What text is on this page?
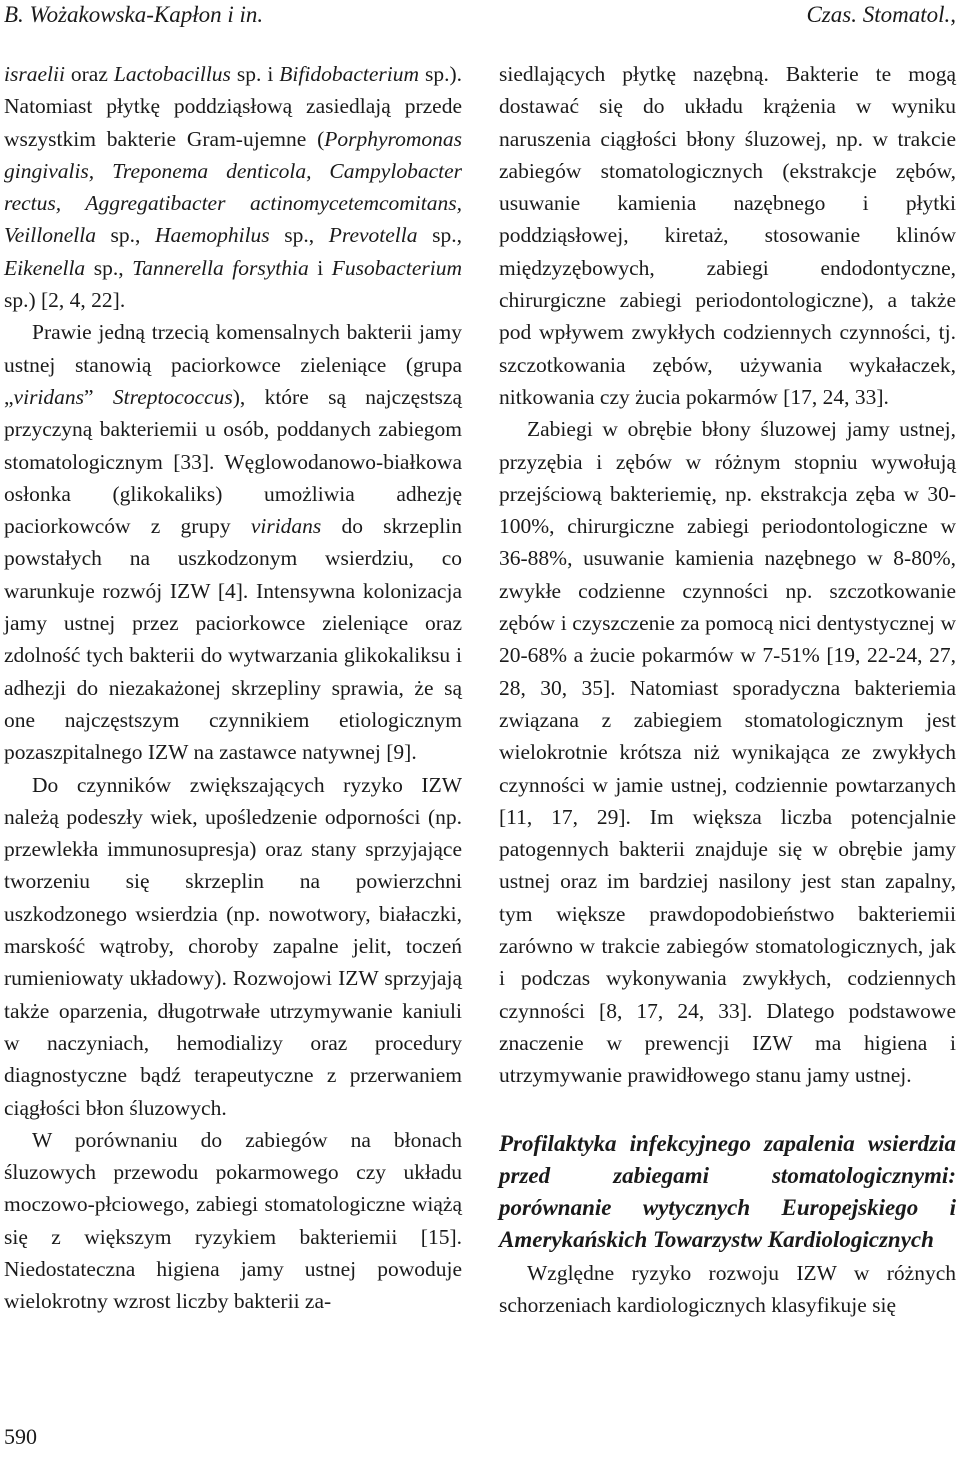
B. Wożakowska-Kapłon i in.	Czas. Stomatol.,

israelii oraz Lactobacillus sp. i Bifidobacterium sp.). Natomiast płytkę poddziąsłową zasiedlają przede wszystkim bakterie Gram-ujemne (Porphyromonas gingivalis, Treponema denticola, Campylobacter rectus, Aggregatibacter actinomycetemcomitans, Veillonella sp., Haemophilus sp., Prevotella sp., Eikenella sp., Tannerella forsythia i Fusobacterium sp.) [2, 4, 22].

Prawie jedną trzecią komensalnych bakterii jamy ustnej stanowią paciorkowce zieleniące (grupa „viridans” Streptococcus), które są najczęstszą przyczyną bakteriemii u osób, poddanych zabiegom stomatologicznym [33]. Węglowodanowo-białkowa osłonka (glikokaliks) umożliwia adhezję paciorkowców z grupy viridans do skrzeplin powstałych na uszkodzonym wsierdziu, co warunkuje rozwój IZW [4]. Intensywna kolonizacja jamy ustnej przez paciorkowce zieleniące oraz zdolność tych bakterii do wytwarzania glikokaliksu i adhezji do niezakażonej skrzepliny sprawia, że są one najczęstszym czynnikiem etiologicznym pozaszpitalnego IZW na zastawce natywnej [9].

Do czynników zwiększających ryzyko IZW należą podeszły wiek, upośledzenie odporności (np. przewlekła immunosupresja) oraz stany sprzyjające tworzeniu się skrzeplin na powierzchni uszkodzonego wsierdzia (np. nowotwory, białaczki, marskość wątroby, choroby zapalne jelit, toczeń rumieniowaty układowy). Rozwojowi IZW sprzyjają także oparzenia, długotrwałe utrzymywanie kaniuli w naczyniach, hemodializy oraz procedury diagnostyczne bądź terapeutyczne z przerwaniem ciągłości błon śluzowych.

W porównaniu do zabiegów na błonach śluzowych przewodu pokarmowego czy układu moczowo-płciowego, zabiegi stomatologiczne wiążą się z większym ryzykiem bakteriemii [15]. Niedostateczna higiena jamy ustnej powoduje wielokrotny wzrost liczby bakterii za-

siedlających płytkę nazębną. Bakterie te mogą dostawać się do układu krążenia w wyniku naruszenia ciągłości błony śluzowej, np. w trakcie zabiegów stomatologicznych (ekstrakcje zębów, usuwanie kamienia nazębnego i płytki poddziąsłowej, kiretaż, stosowanie klinów międzyzębowych, zabiegi endodontyczne, chirurgiczne zabiegi periodontologiczne), a także pod wpływem zwykłych codziennych czynności, tj. szczotkowania zębów, używania wykałaczek, nitkowania czy żucia pokarmów [17, 24, 33].

Zabiegi w obrębie błony śluzowej jamy ustnej, przyzębia i zębów w różnym stopniu wywołują przejściową bakteriemię, np. ekstrakcja zęba w 30-100%, chirurgiczne zabiegi periodontologiczne w 36-88%, usuwanie kamienia nazębnego w 8-80%, zwykłe codzienne czynności np. szczotkowanie zębów i czyszczenie za pomocą nici dentystycznej w 20-68% a żucie pokarmów w 7-51% [19, 22-24, 27, 28, 30, 35]. Natomiast sporadyczna bakteriemia związana z zabiegiem stomatologicznym jest wielokrotnie krótsza niż wynikająca ze zwykłych czynności w jamie ustnej, codziennie powtarzanych [11, 17, 29]. Im większa liczba potencjalnie patogennych bakterii znajduje się w obrębie jamy ustnej oraz im bardziej nasilony jest stan zapalny, tym większe prawdopodobieństwo bakteriemii zarówno w trakcie zabiegów stomatologicznych, jak i podczas wykonywania zwykłych, codziennych czynności [8, 17, 24, 33]. Dlatego podstawowe znaczenie w prewencji IZW ma higiena i utrzymywanie prawidłowego stanu jamy ustnej.

Profilaktyka infekcyjnego zapalenia wsierdzia przed zabiegami stomatologicznymi: porównanie wytycznych Europejskiego i Amerykańskich Towarzystw Kardiologicznych

Względne ryzyko rozwoju IZW w różnych schorzeniach kardiologicznych klasyfikuje się

590
